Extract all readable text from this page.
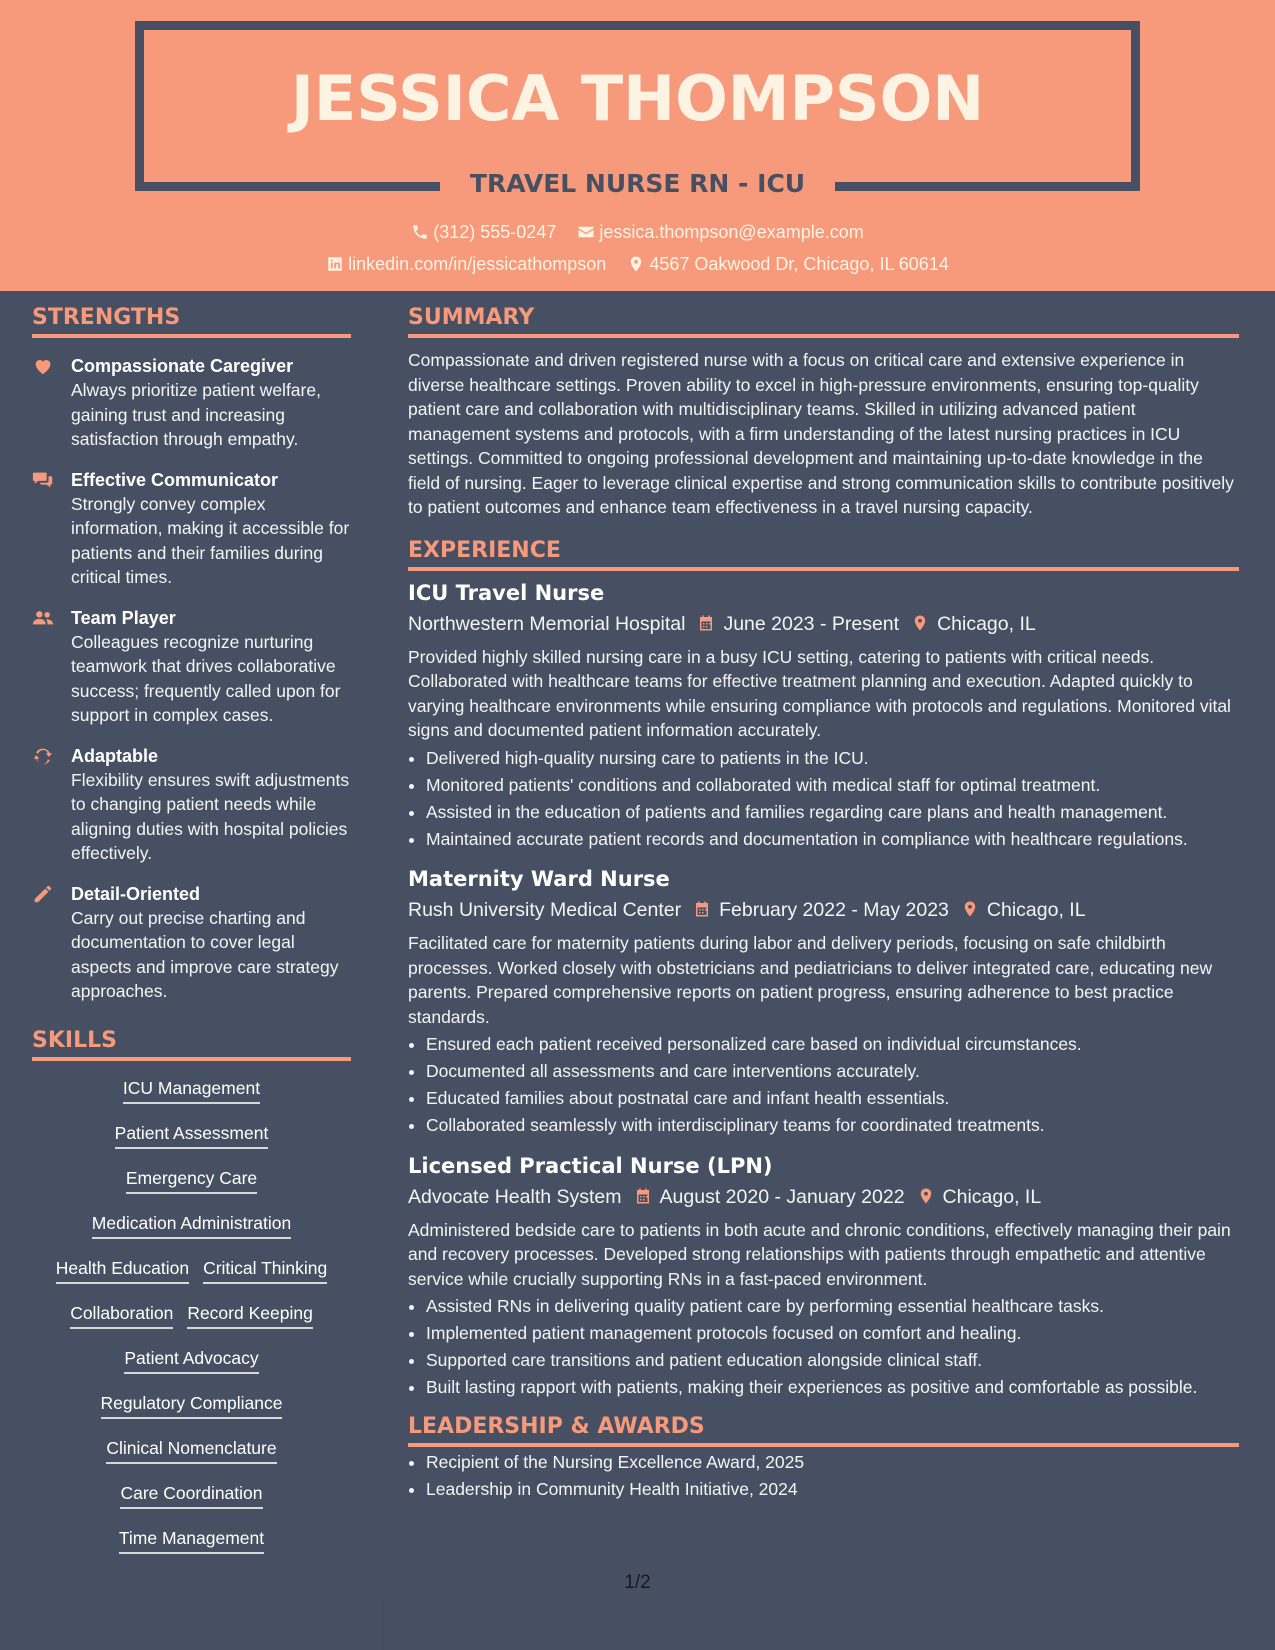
JESSICA THOMPSON
TRAVEL NURSE RN - ICU
(312) 555-0247 jessica.thompson@example.com
linkedin.com/in/jessicathompson 4567 Oakwood Dr, Chicago, IL 60614
STRENGTHS
Compassionate Caregiver
Always prioritize patient welfare, gaining trust and increasing satisfaction through empathy.
Effective Communicator
Strongly convey complex information, making it accessible for patients and their families during critical times.
Team Player
Colleagues recognize nurturing teamwork that drives collaborative success; frequently called upon for support in complex cases.
Adaptable
Flexibility ensures swift adjustments to changing patient needs while aligning duties with hospital policies effectively.
Detail-Oriented
Carry out precise charting and documentation to cover legal aspects and improve care strategy approaches.
SKILLS
ICU Management
Patient Assessment
Emergency Care
Medication Administration
Health Education Critical Thinking
Collaboration Record Keeping
Patient Advocacy
Regulatory Compliance
Clinical Nomenclature
Care Coordination
Time Management
SUMMARY
Compassionate and driven registered nurse with a focus on critical care and extensive experience in diverse healthcare settings. Proven ability to excel in high-pressure environments, ensuring top-quality patient care and collaboration with multidisciplinary teams. Skilled in utilizing advanced patient management systems and protocols, with a firm understanding of the latest nursing practices in ICU settings. Committed to ongoing professional development and maintaining up-to-date knowledge in the field of nursing. Eager to leverage clinical expertise and strong communication skills to contribute positively to patient outcomes and enhance team effectiveness in a travel nursing capacity.
EXPERIENCE
ICU Travel Nurse
Northwestern Memorial Hospital June 2023 - Present Chicago, IL
Provided highly skilled nursing care in a busy ICU setting, catering to patients with critical needs. Collaborated with healthcare teams for effective treatment planning and execution. Adapted quickly to varying healthcare environments while ensuring compliance with protocols and regulations. Monitored vital signs and documented patient information accurately.
• Delivered high-quality nursing care to patients in the ICU.
• Monitored patients' conditions and collaborated with medical staff for optimal treatment.
• Assisted in the education of patients and families regarding care plans and health management.
• Maintained accurate patient records and documentation in compliance with healthcare regulations.
Maternity Ward Nurse
Rush University Medical Center February 2022 - May 2023 Chicago, IL
Facilitated care for maternity patients during labor and delivery periods, focusing on safe childbirth processes. Worked closely with obstetricians and pediatricians to deliver integrated care, educating new parents. Prepared comprehensive reports on patient progress, ensuring adherence to best practice standards.
• Ensured each patient received personalized care based on individual circumstances.
• Documented all assessments and care interventions accurately.
• Educated families about postnatal care and infant health essentials.
• Collaborated seamlessly with interdisciplinary teams for coordinated treatments.
Licensed Practical Nurse (LPN)
Advocate Health System August 2020 - January 2022 Chicago, IL
Administered bedside care to patients in both acute and chronic conditions, effectively managing their pain and recovery processes. Developed strong relationships with patients through empathetic and attentive service while crucially supporting RNs in a fast-paced environment.
• Assisted RNs in delivering quality patient care by performing essential healthcare tasks.
• Implemented patient management protocols focused on comfort and healing.
• Supported care transitions and patient education alongside clinical staff.
• Built lasting rapport with patients, making their experiences as positive and comfortable as possible.
LEADERSHIP & AWARDS
• Recipient of the Nursing Excellence Award, 2025
• Leadership in Community Health Initiative, 2024
1/2
